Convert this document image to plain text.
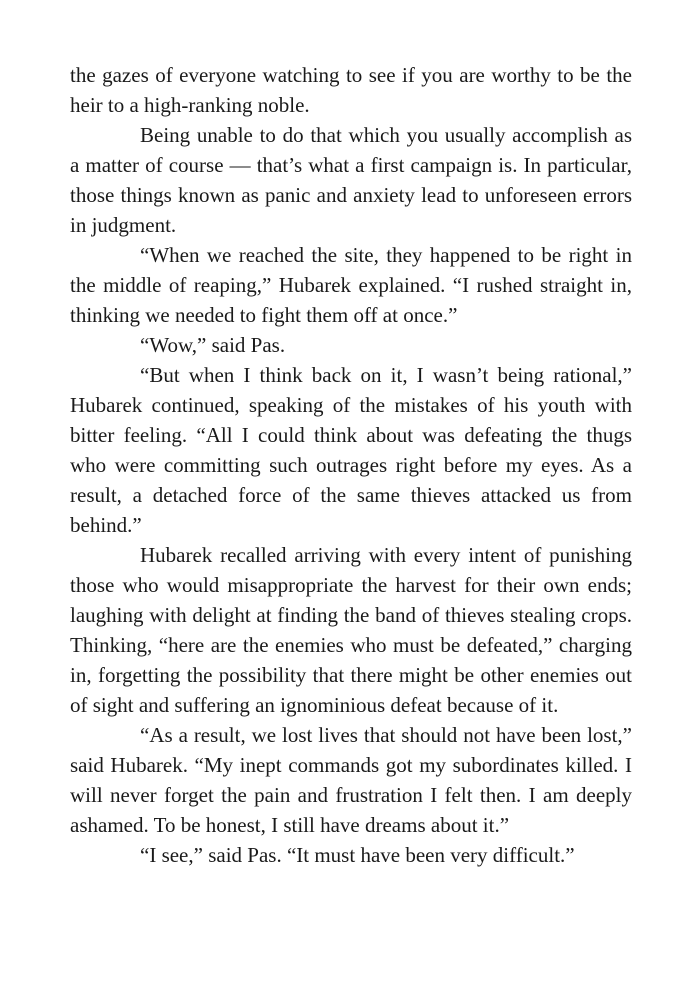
the gazes of everyone watching to see if you are worthy to be the heir to a high-ranking noble.

Being unable to do that which you usually accomplish as a matter of course — that’s what a first campaign is. In particular, those things known as panic and anxiety lead to unforeseen errors in judgment.

“When we reached the site, they happened to be right in the middle of reaping,” Hubarek explained. “I rushed straight in, thinking we needed to fight them off at once.”

“Wow,” said Pas.

“But when I think back on it, I wasn’t being rational,” Hubarek continued, speaking of the mistakes of his youth with bitter feeling. “All I could think about was defeating the thugs who were committing such outrages right before my eyes. As a result, a detached force of the same thieves attacked us from behind.”

Hubarek recalled arriving with every intent of punishing those who would misappropriate the harvest for their own ends; laughing with delight at finding the band of thieves stealing crops. Thinking, “here are the enemies who must be defeated,” charging in, forgetting the possibility that there might be other enemies out of sight and suffering an ignominious defeat because of it.

“As a result, we lost lives that should not have been lost,” said Hubarek. “My inept commands got my subordinates killed. I will never forget the pain and frustration I felt then. I am deeply ashamed. To be honest, I still have dreams about it.”

“I see,” said Pas. “It must have been very difficult.”
